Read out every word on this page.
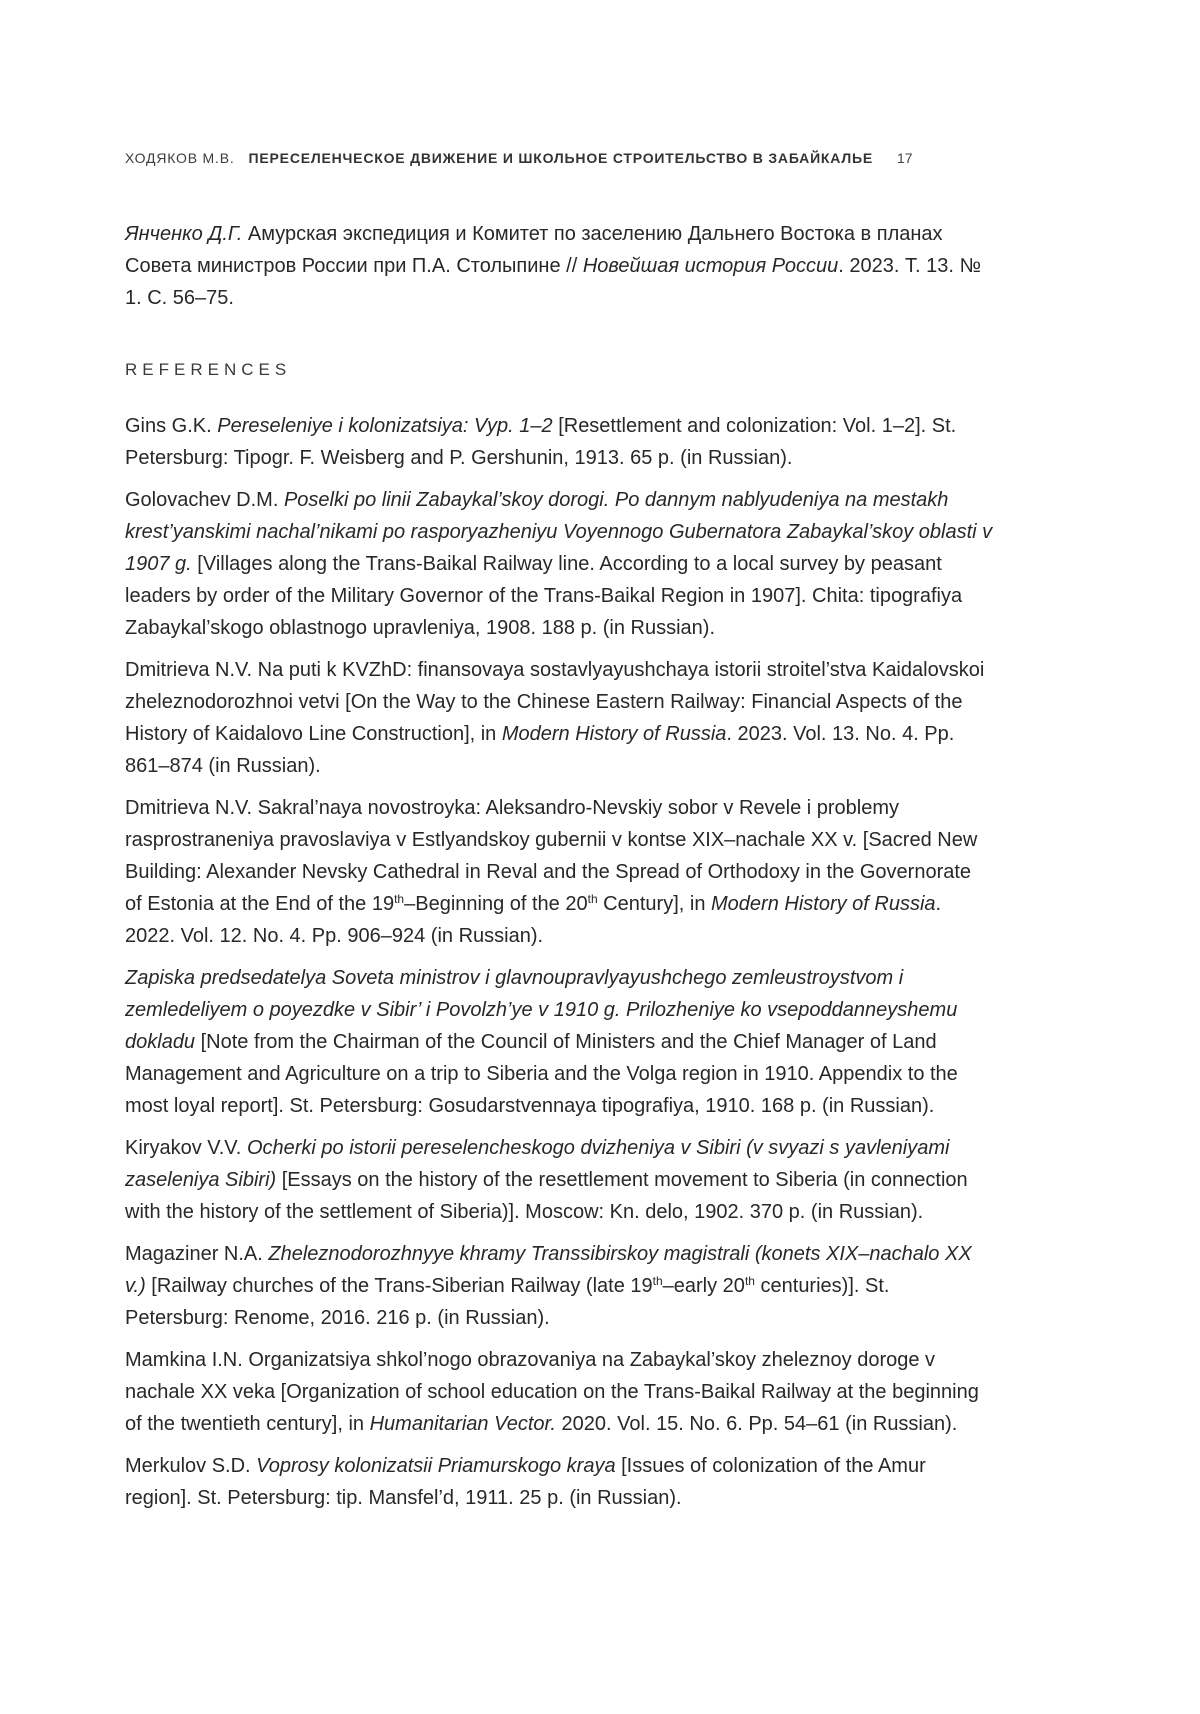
ХОДЯКОВ М.В. ПЕРЕСЕЛЕНЧЕСКОЕ ДВИЖЕНИЕ И ШКОЛЬНОЕ СТРОИТЕЛЬСТВО В ЗАБАЙКАЛЬЕ 17

Янченко Д.Г. Амурская экспедиция и Комитет по заселению Дальнего Востока в планах Совета министров России при П.А. Столыпине // Новейшая история России. 2023. Т. 13. № 1. С. 56–75.

REFERENCES

Gins G.K. Pereseleniye i kolonizatsiya: Vyp. 1–2 [Resettlement and colonization: Vol. 1–2]. St. Petersburg: Tipogr. F. Weisberg and P. Gershunin, 1913. 65 p. (in Russian).

Golovachev D.M. Poselki po linii Zabaykal’skoy dorogi. Po dannym nablyudeniya na mestakh krest’yanskimi nachal’nikami po rasporyazheniyu Voyennogo Gubernatora Zabaykal’skoy oblasti v 1907 g. [Villages along the Trans-Baikal Railway line. According to a local survey by peasant leaders by order of the Military Governor of the Trans-Baikal Region in 1907]. Chita: tipografiya Zabaykal’skogo oblastnogo upravleniya, 1908. 188 p. (in Russian).

Dmitrieva N.V. Na puti k KVZhD: finansovaya sostavlyayushchaya istorii stroitel’stva Kaidalovskoi zheleznodorozhnoi vetvi [On the Way to the Chinese Eastern Railway: Financial Aspects of the History of Kaidalovo Line Construction], in Modern History of Russia. 2023. Vol. 13. No. 4. Pp. 861–874 (in Russian).

Dmitrieva N.V. Sakral’naya novostroyka: Aleksandro-Nevskiy sobor v Revele i problemy rasprostraneniya pravoslaviya v Estlyandskoy gubernii v kontse XIX–nachale XX v. [Sacred New Building: Alexander Nevsky Cathedral in Reval and the Spread of Orthodoxy in the Governorate of Estonia at the End of the 19th–Beginning of the 20th Century], in Modern History of Russia. 2022. Vol. 12. No. 4. Pp. 906–924 (in Russian).

Zapiska predsedatelya Soveta ministrov i glavnoupravlyayushchego zemleustroystvom i zemledeliyem o poyezdke v Sibir’ i Povolzh’ye v 1910 g. Prilozheniye ko vsepoddanneyshemu dokladu [Note from the Chairman of the Council of Ministers and the Chief Manager of Land Management and Agriculture on a trip to Siberia and the Volga region in 1910. Appendix to the most loyal report]. St. Petersburg: Gosudarstvennaya tipografiya, 1910. 168 p. (in Russian).

Kiryakov V.V. Ocherki po istorii pereselencheskogo dvizheniya v Sibiri (v svyazi s yavleniyami zaseleniya Sibiri) [Essays on the history of the resettlement movement to Siberia (in connection with the history of the settlement of Siberia)]. Moscow: Kn. delo, 1902. 370 p. (in Russian).

Magaziner N.A. Zheleznodorozhnyye khramy Transsibirskoy magistrali (konets XIX–nachalo XX v.) [Railway churches of the Trans-Siberian Railway (late 19th–early 20th centuries)]. St. Petersburg: Renome, 2016. 216 p. (in Russian).

Mamkina I.N. Organizatsiya shkol’nogo obrazovaniya na Zabaykal’skoy zheleznoy doroge v nachale XX veka [Organization of school education on the Trans-Baikal Railway at the beginning of the twentieth century], in Humanitarian Vector. 2020. Vol. 15. No. 6. Pp. 54–61 (in Russian).

Merkulov S.D. Voprosy kolonizatsii Priamurskogo kraya [Issues of colonization of the Amur region]. St. Petersburg: tip. Mansfel’d, 1911. 25 p. (in Russian).
